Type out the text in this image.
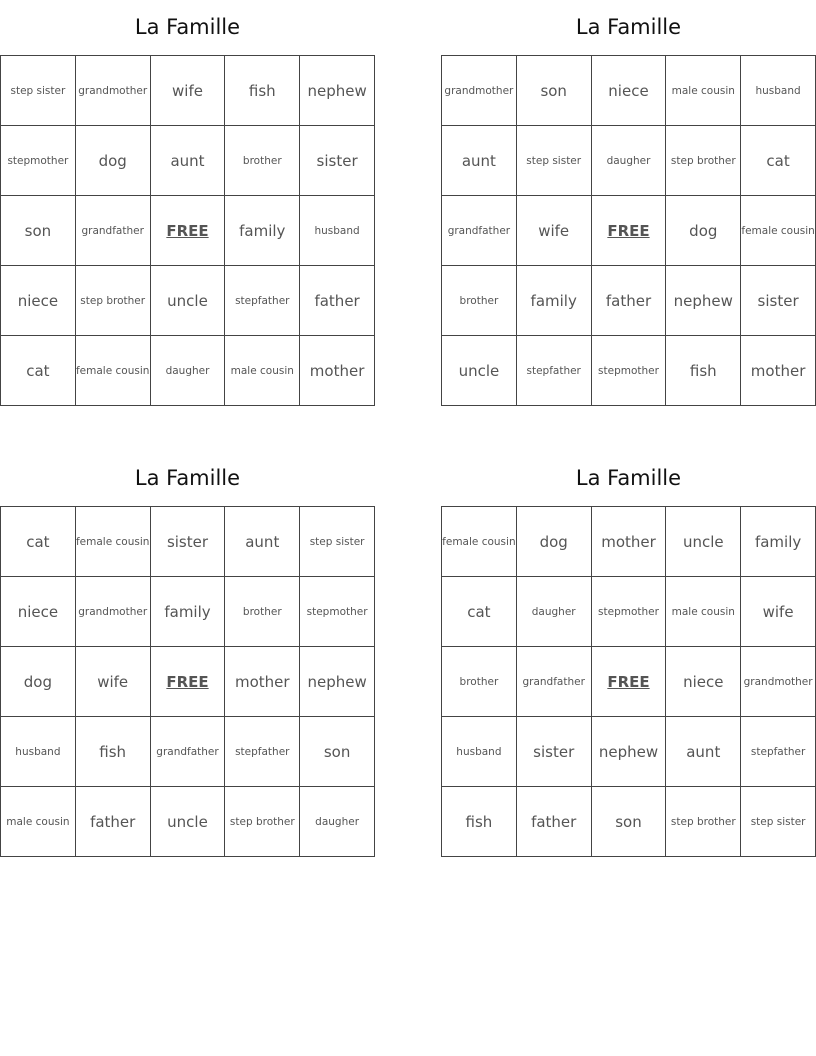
La Famille
step sister	grandmother	wife	fish	nephew
stepmother	dog	aunt	brother	sister
son	grandfather	FREE	family	husband
niece	step brother	uncle	stepfather	father
cat	female cousin	daugher	male cousin	mother
La Famille
grandmother	son	niece	male cousin	husband
aunt	step sister	daugher	step brother	cat
grandfather	wife	FREE	dog	female cousin
brother	family	father	nephew	sister
uncle	stepfather	stepmother	fish	mother
La Famille
cat	female cousin	sister	aunt	step sister
niece	grandmother	family	brother	stepmother
dog	wife	FREE	mother	nephew
husband	fish	grandfather	stepfather	son
male cousin	father	uncle	step brother	daugher
La Famille
female cousin	dog	mother	uncle	family
cat	daugher	stepmother	male cousin	wife
brother	grandfather	FREE	niece	grandmother
husband	sister	nephew	aunt	stepfather
fish	father	son	step brother	step sister
